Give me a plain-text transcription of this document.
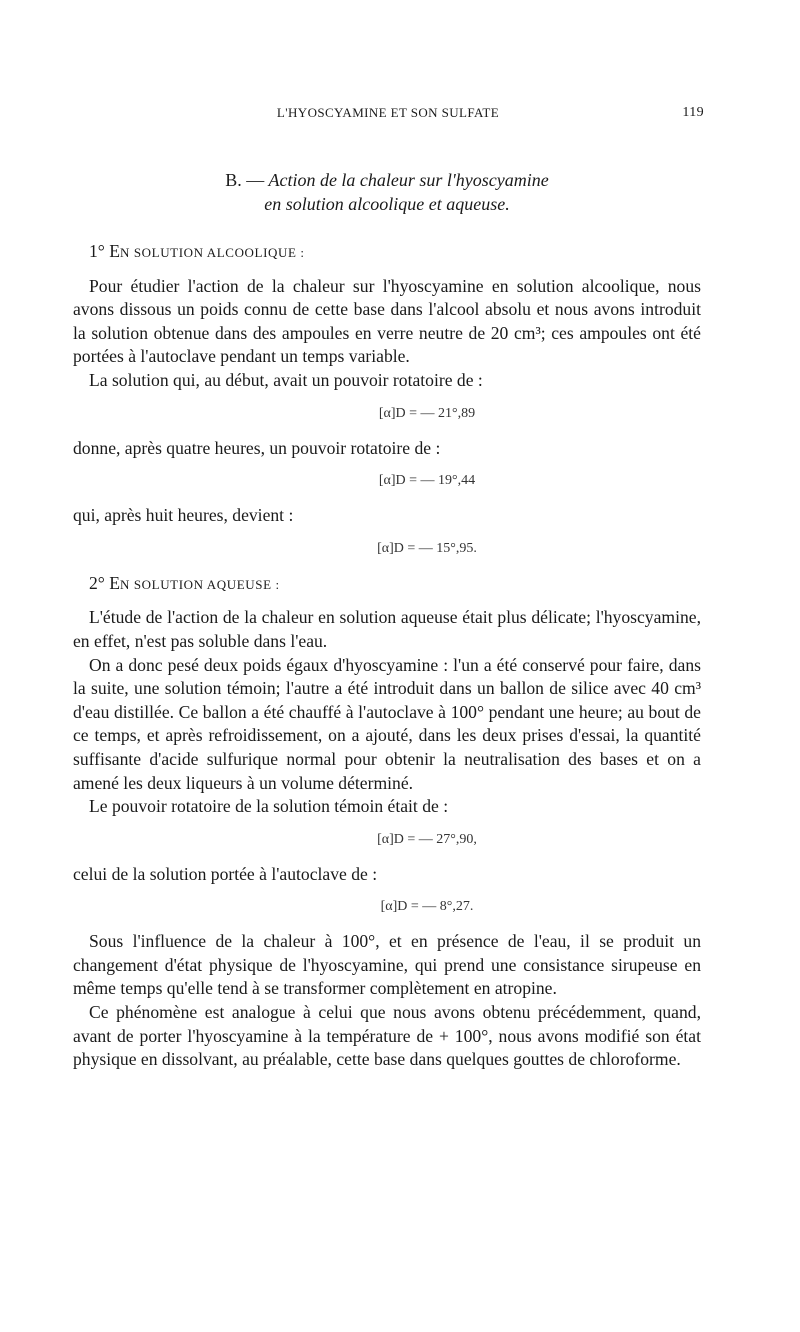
L'HYOSCYAMINE ET SON SULFATE	119
B. — Action de la chaleur sur l'hyoscyamine
en solution alcoolique et aqueuse.
1° EN SOLUTION ALCOOLIQUE :

Pour étudier l'action de la chaleur sur l'hyoscyamine en solution alcoolique, nous avons dissous un poids connu de cette base dans l'alcool absolu et nous avons introduit la solution obtenue dans des ampoules en verre neutre de 20 cm³; ces ampoules ont été portées à l'autoclave pendant un temps variable.

La solution qui, au début, avait un pouvoir rotatoire de :

[α]D = — 21°,89

donne, après quatre heures, un pouvoir rotatoire de :

[α]D = — 19°,44

qui, après huit heures, devient :

[α]D = — 15°,95.
2° EN SOLUTION AQUEUSE :

L'étude de l'action de la chaleur en solution aqueuse était plus délicate; l'hyoscyamine, en effet, n'est pas soluble dans l'eau.

On a donc pesé deux poids égaux d'hyoscyamine : l'un a été conservé pour faire, dans la suite, une solution témoin; l'autre a été introduit dans un ballon de silice avec 40 cm³ d'eau distillée. Ce ballon a été chauffé à l'autoclave à 100° pendant une heure; au bout de ce temps, et après refroidissement, on a ajouté, dans les deux prises d'essai, la quantité suffisante d'acide sulfurique normal pour obtenir la neutralisation des bases et on a amené les deux liqueurs à un volume déterminé.

Le pouvoir rotatoire de la solution témoin était de :

[α]D = — 27°,90,

celui de la solution portée à l'autoclave de :

[α]D = — 8°,27.

Sous l'influence de la chaleur à 100°, et en présence de l'eau, il se produit un changement d'état physique de l'hyoscyamine, qui prend une consistance sirupeuse en même temps qu'elle tend à se transformer complètement en atropine.

Ce phénomène est analogue à celui que nous avons obtenu précédemment, quand, avant de porter l'hyoscyamine à la température de + 100°, nous avons modifié son état physique en dissolvant, au préalable, cette base dans quelques gouttes de chloroforme.
